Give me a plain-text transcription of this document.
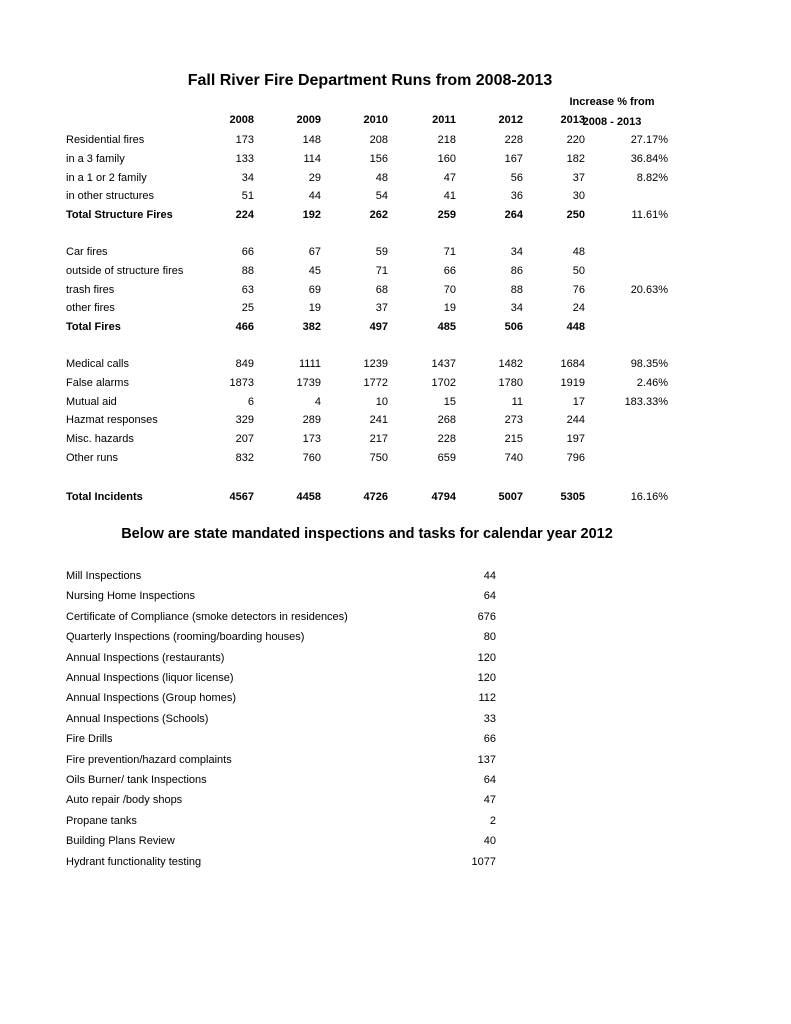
Fall River Fire Department Runs from 2008-2013
Increase % from
2008 - 2013
2008	2009	2010	2011	2012	2013
Residential fires	173	148	208	218	228	220	27.17%
in a 3 family	133	114	156	160	167	182	36.84%
in a 1 or 2 family	34	29	48	47	56	37	8.82%
in other structures	51	44	54	41	36	30
Total Structure Fires	224	192	262	259	264	250	11.61%
Car fires	66	67	59	71	34	48
outside of structure fires	88	45	71	66	86	50
trash fires	63	69	68	70	88	76	20.63%
other fires	25	19	37	19	34	24
Total Fires	466	382	497	485	506	448
Medical calls	849	1111	1239	1437	1482	1684	98.35%
False alarms	1873	1739	1772	1702	1780	1919	2.46%
Mutual aid	6	4	10	15	11	17	183.33%
Hazmat responses	329	289	241	268	273	244
Misc. hazards	207	173	217	228	215	197
Other runs	832	760	750	659	740	796
Total Incidents	4567	4458	4726	4794	5007	5305	16.16%
Below are state mandated inspections and tasks for calendar year 2012
Mill Inspections	44
Nursing Home Inspections	64
Certificate of Compliance (smoke detectors in residences)	676
Quarterly Inspections (rooming/boarding houses)	80
Annual Inspections (restaurants)	120
Annual Inspections (liquor license)	120
Annual Inspections (Group homes)	112
Annual Inspections (Schools)	33
Fire Drills	66
Fire prevention/hazard complaints	137
Oils Burner/ tank Inspections	64
Auto repair /body shops	47
Propane tanks	2
Building Plans Review	40
Hydrant functionality testing	1077
